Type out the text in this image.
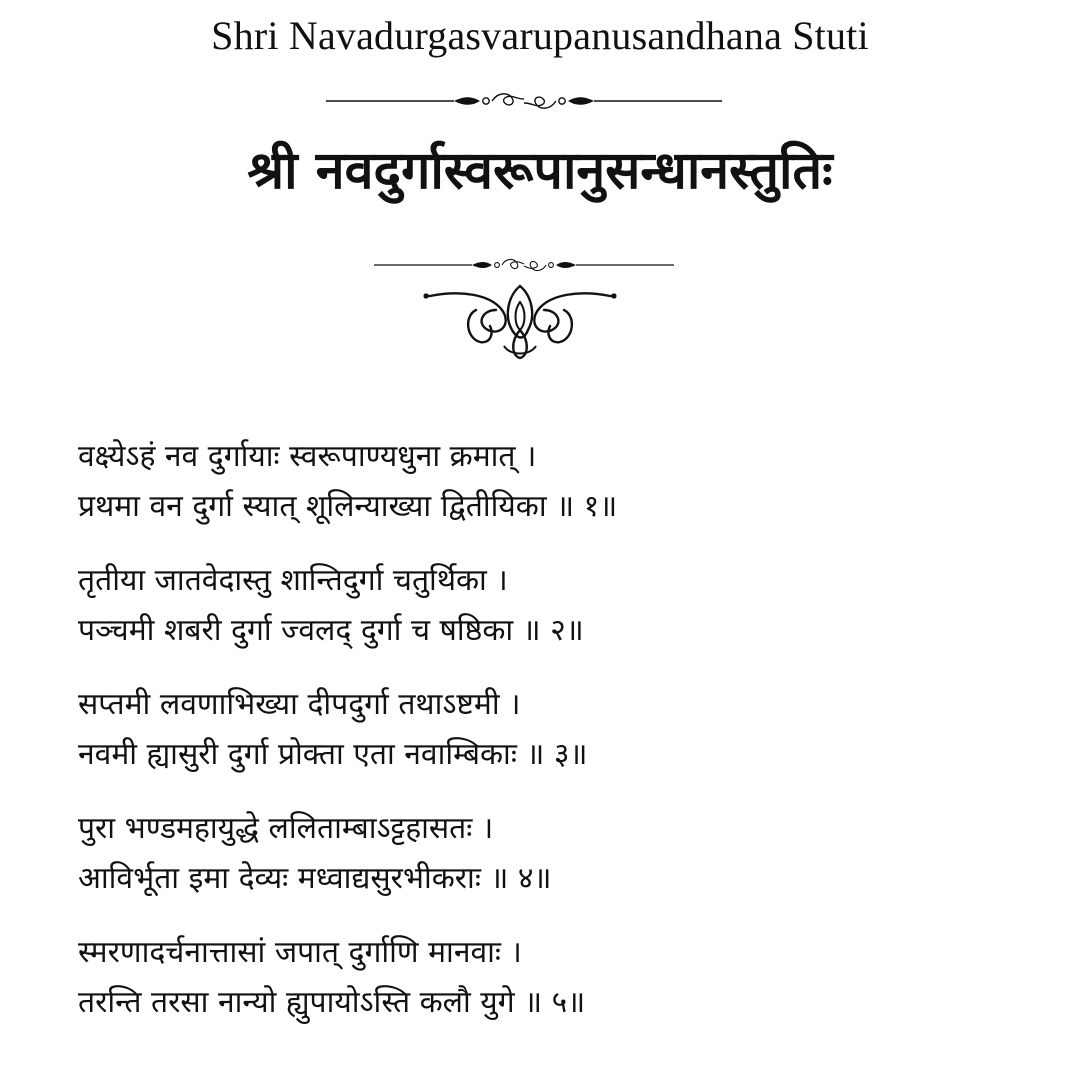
Shri Navadurgasvarupanusandhana Stuti
श्री नवदुर्गास्वरूपानुसन्धानस्तुतिः
वक्ष्येऽहं नव दुर्गायाः स्वरूपाण्यधुना क्रमात् ।
प्रथमा वन दुर्गा स्यात् शूलिन्याख्या द्वितीयिका ॥ १॥
तृतीया जातवेदास्तु शान्तिदुर्गा चतुर्थिका ।
पञ्चमी शबरी दुर्गा ज्वलद् दुर्गा च षष्ठिका ॥ २॥
सप्तमी लवणाभिख्या दीपदुर्गा तथाऽष्टमी ।
नवमी ह्यासुरी दुर्गा प्रोक्ता एता नवाम्बिकाः ॥ ३॥
पुरा भण्डमहायुद्धे ललिताम्बाऽट्टहासतः ।
आविर्भूता इमा देव्यः मध्वाद्यसुरभीकराः ॥ ४॥
स्मरणादर्चनात्तासां जपात् दुर्गाणि मानवाः ।
तरन्ति तरसा नान्यो ह्युपायोऽस्ति कलौ युगे ॥ ५॥
